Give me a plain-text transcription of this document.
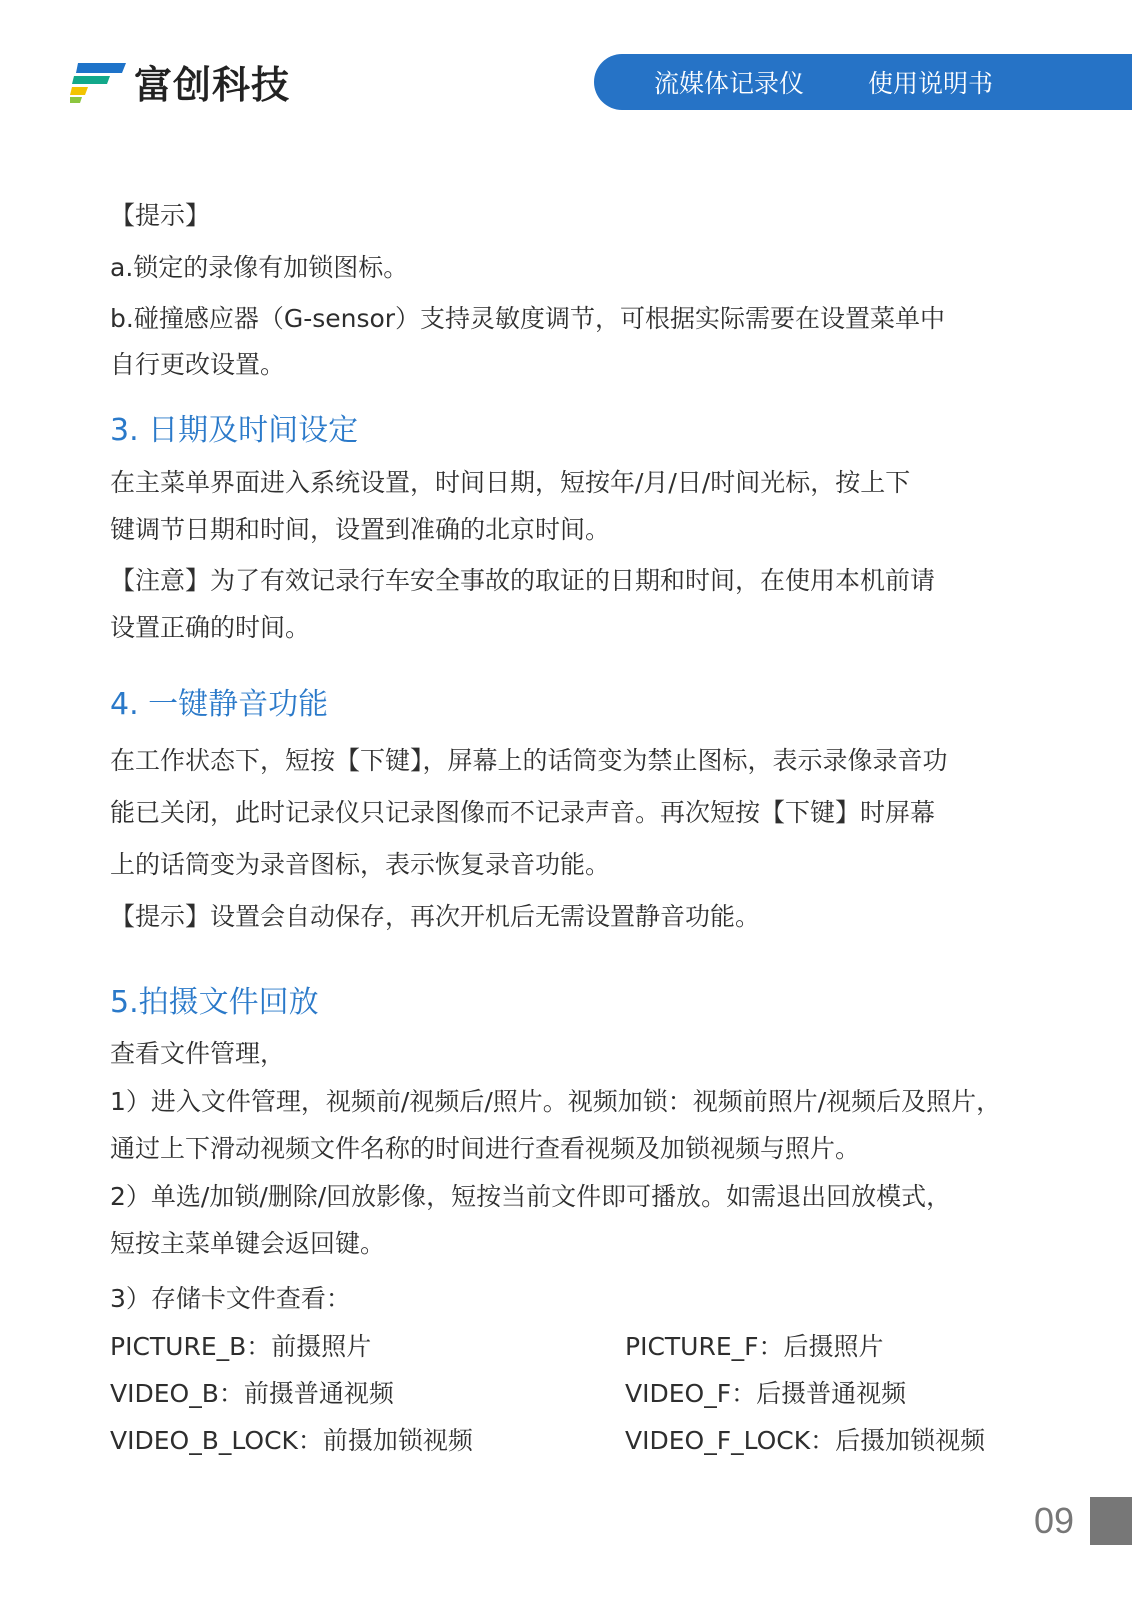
富创科技	流媒体记录仪	使用说明书
【提示】
a.锁定的录像有加锁图标。
b.碰撞感应器（G-sensor）支持灵敏度调节，可根据实际需要在设置菜单中
自行更改设置。
3. 日期及时间设定
在主菜单界面进入系统设置，时间日期，短按年/月/日/时间光标，按上下
键调节日期和时间，设置到准确的北京时间。
【注意】为了有效记录行车安全事故的取证的日期和时间，在使用本机前请
设置正确的时间。
4. 一键静音功能
在工作状态下，短按【下键】，屏幕上的话筒变为禁止图标，表示录像录音功
能已关闭，此时记录仪只记录图像而不记录声音。再次短按【下键】时屏幕
上的话筒变为录音图标，表示恢复录音功能。
【提示】设置会自动保存，再次开机后无需设置静音功能。
5.拍摄文件回放
查看文件管理，
1）进入文件管理，视频前/视频后/照片。视频加锁：视频前照片/视频后及照片，
通过上下滑动视频文件名称的时间进行查看视频及加锁视频与照片。
2）单选/加锁/删除/回放影像，短按当前文件即可播放。如需退出回放模式，
短按主菜单键会返回键。
3）存储卡文件查看：
PICTURE_B：前摄照片	PICTURE_F：后摄照片
VIDEO_B：前摄普通视频	VIDEO_F：后摄普通视频
VIDEO_B_LOCK：前摄加锁视频	VIDEO_F_LOCK：后摄加锁视频
09
